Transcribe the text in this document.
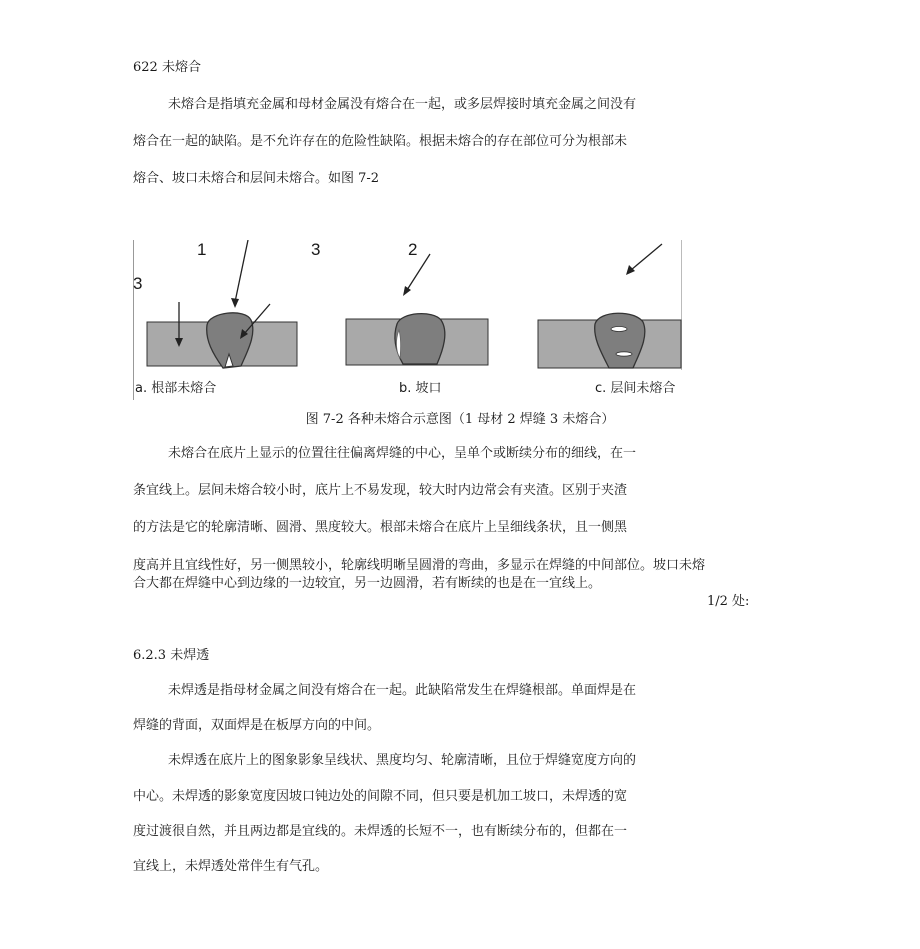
622 未熔合
未熔合是指填充金属和母材金属没有熔合在一起，或多层焊接时填充金属之间没有
熔合在一起的缺陷。是不允许存在的危险性缺陷。根据未熔合的存在部位可分为根部未
熔合、坡口未熔合和层间未熔合。如图 7-2
1	3
3
2
a. 根部未熔合	b. 坡口	c. 层间未熔合
图 7-2 各种未熔合示意图（1 母材 2 焊缝 3 未熔合）
未熔合在底片上显示的位置往往偏离焊缝的中心，呈单个或断续分布的细线，在一
条宜线上。层间未熔合较小时，底片上不易发现，较大时内边常会有夹渣。区别于夹渣
的方法是它的轮廓清晰、圆滑、黑度较大。根部未熔合在底片上呈细线条状，且一侧黑
度高并且宜线性好，另一侧黑较小，轮廓线明晰呈圆滑的弯曲，多显示在焊缝的中间部位。坡口未熔
合大都在焊缝中心到边缘的一边较宜，另一边圆滑，若有断续的也是在一宜线上。
1/2 处:
6.2.3 未焊透
未焊透是指母材金属之间没有熔合在一起。此缺陷常发生在焊缝根部。单面焊是在
焊缝的背面，双面焊是在板厚方向的中间。
未焊透在底片上的图象影象呈线状、黑度均匀、轮廓清晰，且位于焊缝宽度方向的
中心。未焊透的影象宽度因坡口钝边处的间隙不同，但只要是机加工坡口，未焊透的宽
度过渡很自然，并且两边都是宜线的。未焊透的长短不一，也有断续分布的，但都在一
宜线上，未焊透处常伴生有气孔。
